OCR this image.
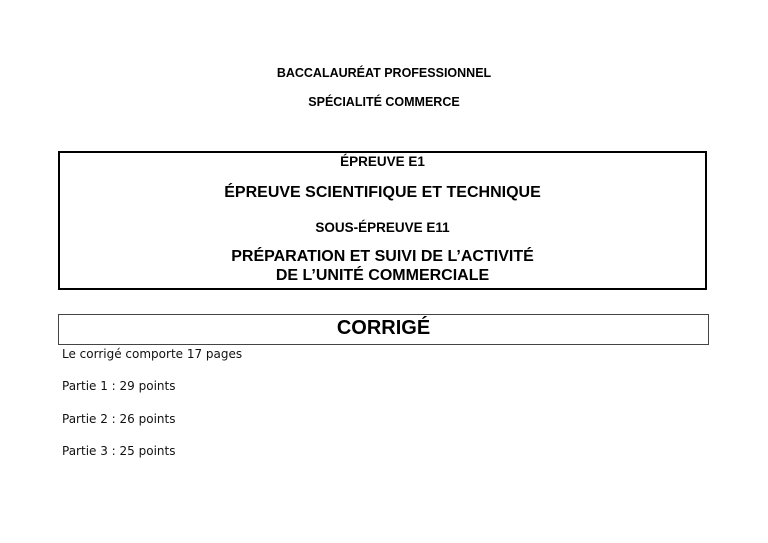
BACCALAURÉAT PROFESSIONNEL
SPÉCIALITÉ COMMERCE
ÉPREUVE E1
ÉPREUVE SCIENTIFIQUE ET TECHNIQUE
SOUS-ÉPREUVE E11
PRÉPARATION ET SUIVI DE L’ACTIVITÉ
DE L’UNITÉ COMMERCIALE
CORRIGÉ
Le corrigé comporte 17 pages
Partie 1 : 29 points
Partie 2 : 26 points
Partie 3 : 25 points
